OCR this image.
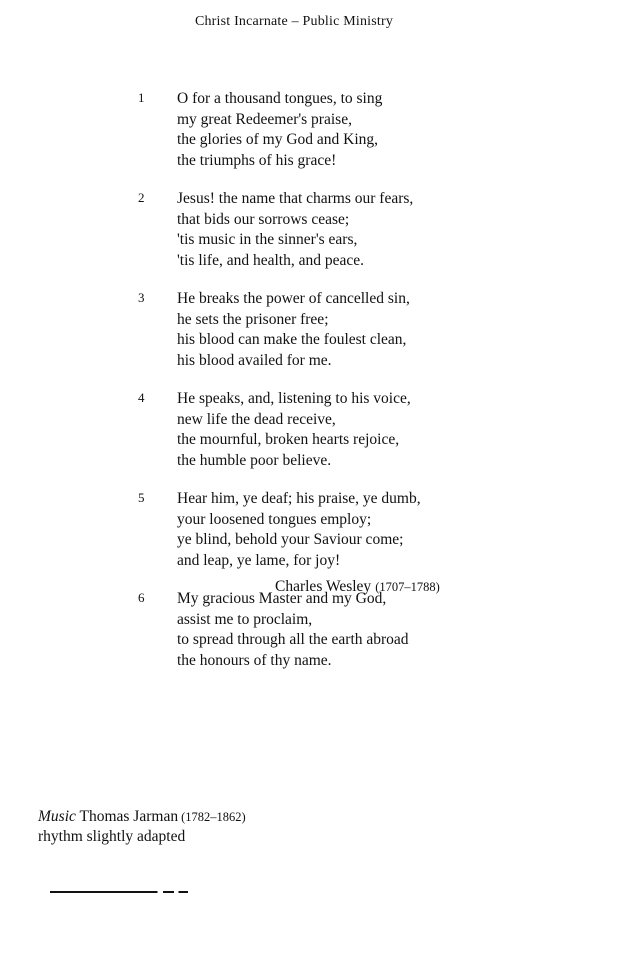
Christ Incarnate – Public Ministry
1	O for a thousand tongues, to sing
my great Redeemer's praise,
the glories of my God and King,
the triumphs of his grace!
2	Jesus! the name that charms our fears,
that bids our sorrows cease;
'tis music in the sinner's ears,
'tis life, and health, and peace.
3	He breaks the power of cancelled sin,
he sets the prisoner free;
his blood can make the foulest clean,
his blood availed for me.
4	He speaks, and, listening to his voice,
new life the dead receive,
the mournful, broken hearts rejoice,
the humble poor believe.
5	Hear him, ye deaf; his praise, ye dumb,
your loosened tongues employ;
ye blind, behold your Saviour come;
and leap, ye lame, for joy!
6	My gracious Master and my God,
assist me to proclaim,
to spread through all the earth abroad
the honours of thy name.
Charles Wesley (1707–1788)
Music Thomas Jarman (1782–1862)
rhythm slightly adapted
